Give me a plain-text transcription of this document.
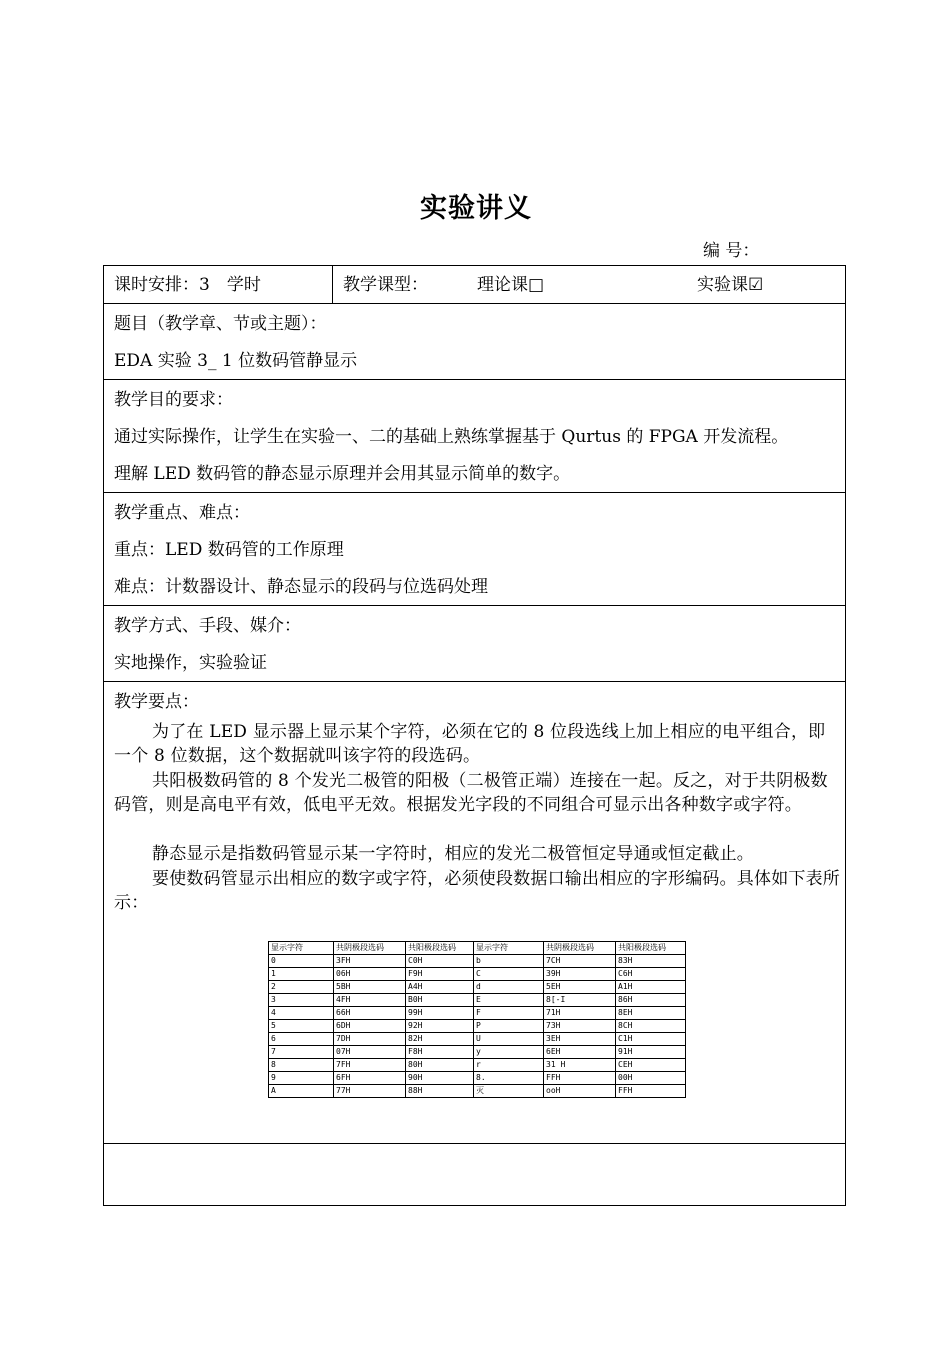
实验讲义
编 号：
课时安排：3　学时	教学课型：	理论课□	实验课☑
题目（教学章、节或主题）：
EDA 实验 3_ 1 位数码管静显示
教学目的要求：
通过实际操作，让学生在实验一、二的基础上熟练掌握基于 Qurtus 的 FPGA 开发流程。
理解 LED 数码管的静态显示原理并会用其显示简单的数字。
教学重点、难点：
重点：LED 数码管的工作原理
难点：计数器设计、静态显示的段码与位选码处理
教学方式、手段、媒介：
实地操作，实验验证
教学要点：

为了在 LED 显示器上显示某个字符，必须在它的 8 位段选线上加上相应的电平组合，即一个 8 位数据，这个数据就叫该字符的段选码。

共阳极数码管的 8 个发光二极管的阳极（二极管正端）连接在一起。反之，对于共阴极数码管，则是高电平有效，低电平无效。根据发光字段的不同组合可显示出各种数字或字符。

静态显示是指数码管显示某一字符时，相应的发光二极管恒定导通或恒定截止。

要使数码管显示出相应的数字或字符，必须使段数据口输出相应的字形编码。具体如下表所示：

显示字符	共阴极段选码	共阳极段选码	显示字符	共阴极段选码	共阳极段选码
0	3FH	C0H	b	7CH	83H
1	06H	F9H	C	39H	C6H
2	5BH	A4H	d	5EH	A1H
3	4FH	B0H	E	8[-I	86H
4	66H	99H	F	71H	8EH
5	6DH	92H	P	73H	8CH
6	7DH	82H	U	3EH	C1H
7	07H	F8H	y	6EH	91H
8	7FH	80H	r	31 H	CEH
9	6FH	90H	8.	FFH	00H
A	77H	88H	灭	ooH	FFH
